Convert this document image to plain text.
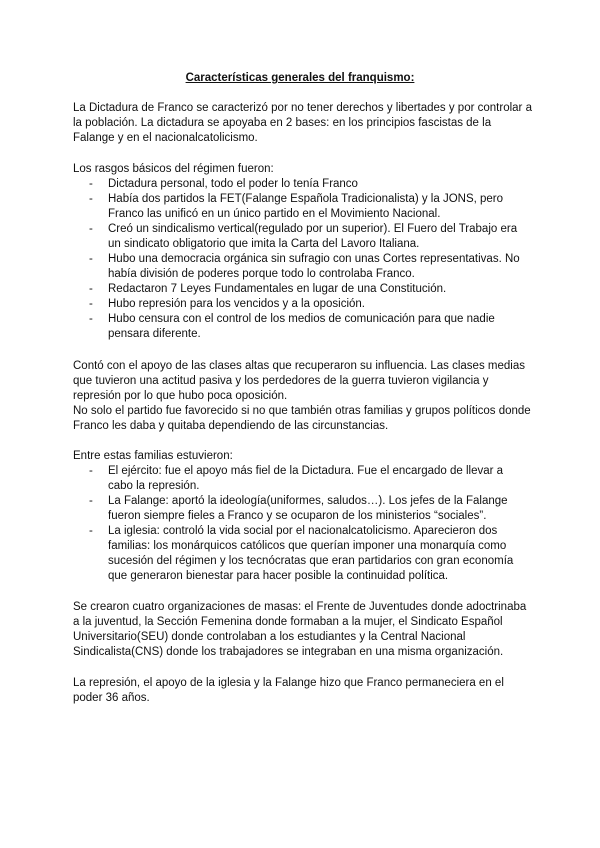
Características generales del franquismo:

La Dictadura de Franco se caracterizó por no tener derechos y libertades y por controlar a la población. La dictadura se apoyaba en 2 bases: en los principios fascistas de la Falange y en el nacionalcatolicismo.

Los rasgos básicos del régimen fueron:

- Dictadura personal, todo el poder lo tenía Franco
- Había dos partidos la FET(Falange Española Tradicionalista) y la JONS, pero Franco las unificó en un único partido en el Movimiento Nacional.
- Creó un sindicalismo vertical(regulado por un superior). El Fuero del Trabajo era un sindicato obligatorio que imita la Carta del Lavoro Italiana.
- Hubo una democracia orgánica sin sufragio con unas Cortes representativas. No había división de poderes porque todo lo controlaba Franco.
- Redactaron 7 Leyes Fundamentales en lugar de una Constitución.
- Hubo represión para los vencidos y a la oposición.
- Hubo censura con el control de los medios de comunicación para que nadie pensara diferente.

Contó con el apoyo de las clases altas que recuperaron su influencia. Las clases medias que tuvieron una actitud pasiva y los perdedores de la guerra tuvieron vigilancia y represión por lo que hubo poca oposición.

No solo el partido fue favorecido si no que también otras familias y grupos políticos donde Franco les daba y quitaba dependiendo de las circunstancias.

Entre estas familias estuvieron:

- El ejército: fue el apoyo más fiel de la Dictadura. Fue el encargado de llevar a cabo la represión.
- La Falange: aportó la ideología(uniformes, saludos…). Los jefes de la Falange fueron siempre fieles a Franco y se ocuparon de los ministerios “sociales”.
- La iglesia: controló la vida social por el nacionalcatolicismo. Aparecieron dos familias: los monárquicos católicos que querían imponer una monarquía como sucesión del régimen y los tecnócratas que eran partidarios con gran economía que generaron bienestar para hacer posible la continuidad política.

Se crearon cuatro organizaciones de masas: el Frente de Juventudes donde adoctrinaba a la juventud, la Sección Femenina donde formaban a la mujer, el Sindicato Español Universitario(SEU) donde controlaban a los estudiantes y la Central Nacional Sindicalista(CNS) donde los trabajadores se integraban en una misma organización.

La represión, el apoyo de la iglesia y la Falange hizo que Franco permaneciera en el poder 36 años.
